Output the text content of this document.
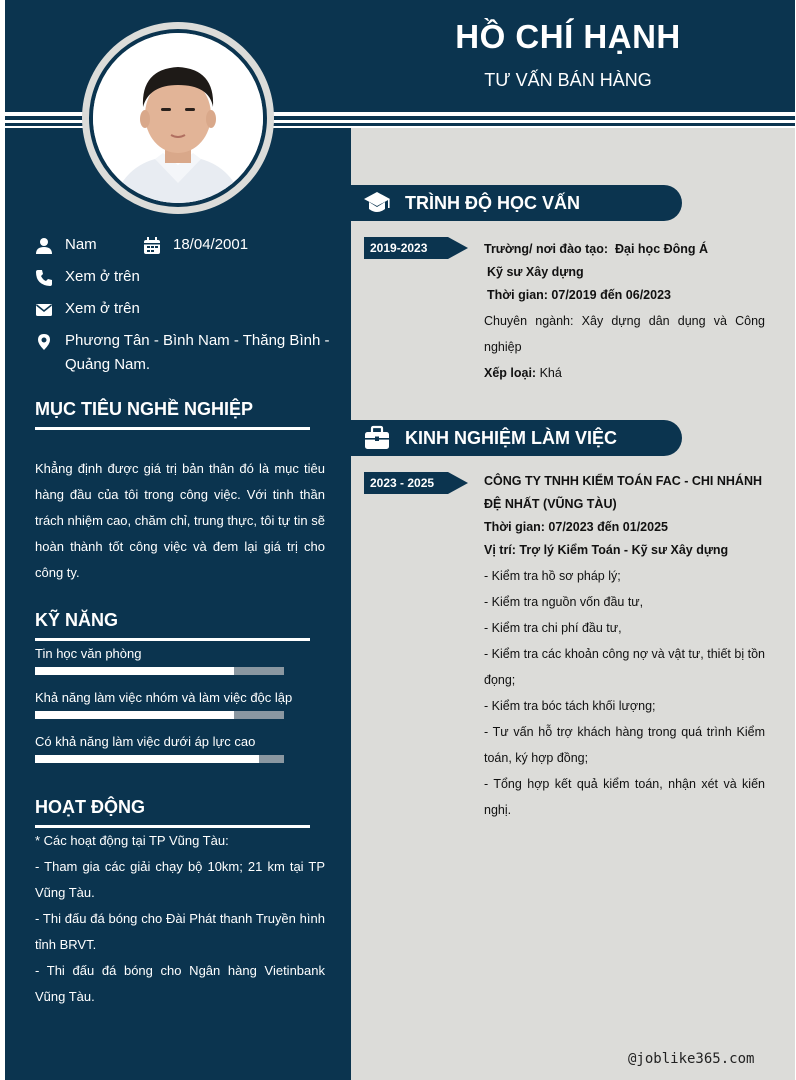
HỒ CHÍ HẠNH
TƯ VẤN BÁN HÀNG
Nam	18/04/2001
Xem ở trên
Xem ở trên
Phương Tân - Bình Nam - Thăng Bình -
Quảng Nam.
MỤC TIÊU NGHỀ NGHIỆP
Khẳng định được giá trị bản thân đó là mục tiêu hàng đầu của tôi trong công việc. Với tinh thần trách nhiệm cao, chăm chỉ, trung thực, tôi tự tin sẽ hoàn thành tốt công việc và đem lại giá trị cho công ty.
KỸ NĂNG
Tin học văn phòng
Khả năng làm việc nhóm và làm việc độc lập
Có khả năng làm việc dưới áp lực cao
HOẠT ĐỘNG
* Các hoạt động tại TP Vũng Tàu:
- Tham gia các giải chạy bộ 10km; 21 km tại TP Vũng Tàu.
- Thi đấu đá bóng cho Đài Phát thanh Truyền hình tỉnh BRVT.
- Thi đấu đá bóng cho Ngân hàng Vietinbank Vũng Tàu.
TRÌNH ĐỘ HỌC VẤN
2019-2023	Trường/ nơi đào tạo: Đại học Đông Á
Kỹ sư Xây dựng
Thời gian: 07/2019 đến 06/2023

Chuyên ngành: Xây dựng dân dụng và Công nghiệp

Xếp loại: Khá
KINH NGHIỆM LÀM VIỆC
2023 - 2025	CÔNG TY TNHH KIỂM TOÁN FAC - CHI NHÁNH ĐỆ NHẤT (VŨNG TÀU)
Thời gian: 07/2023 đến 01/2025
Vị trí: Trợ lý Kiểm Toán - Kỹ sư Xây dựng

- Kiểm tra hồ sơ pháp lý;

- Kiểm tra nguồn vốn đầu tư,

- Kiểm tra chi phí đầu tư,

- Kiểm tra các khoản công nợ và vật tư, thiết bị tồn đọng;

- Kiểm tra bóc tách khối lượng;

- Tư vấn hỗ trợ khách hàng trong quá trình Kiểm toán, ký hợp đồng;

- Tổng hợp kết quả kiểm toán, nhận xét và kiến nghị.

@joblike365.com
